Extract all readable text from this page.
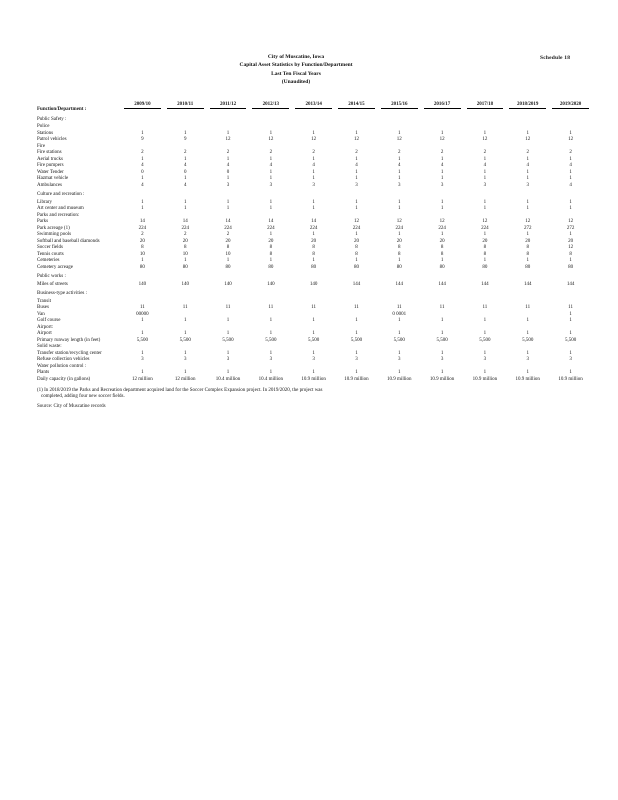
Schedule 18
City of Muscatine, Iowa
Capital Asset Statistics by Function/Department
Last Ten Fiscal Years
(Unaudited)
Function/Department :	2009/10	2010/11	2011/12	2012/13	2013/14	2014/15	2015/16	2016/17	2017/18	2018/2019	2019/2020

Public Safety :											
Police											
Stations	1	1	1	1	1	1	1	1	1	1	1
Patrol vehicles	9	9	12	12	12	12	12	12	12	12	12
Fire											
Fire stations	2	2	2	2	2	2	2	2	2	2	2
Aerial trucks	1	1	1	1	1	1	1	1	1	1	1
Fire pumpers	4	4	4	4	4	4	4	4	4	4	4
Water Tender	0	0	0	1	1	1	1	1	1	1	1
Hazmat vehicle	1	1	1	1	1	1	1	1	1	1	1
Ambulances	4	4	3	3	3	3	3	3	3	3	4
Culture and recreation :											
Library	1	1	1	1	1	1	1	1	1	1	1
Art center and museum	1	1	1	1	1	1	1	1	1	1	1
Parks and recreation:											
Parks	14	14	14	14	14	12	12	12	12	12	12
Park acreage (1)	224	224	224	224	224	224	224	224	224	272	272
Swimming pools	2	2	2	1	1	1	1	1	1	1	1
Softball and baseball diamonds	20	20	20	20	20	20	20	20	20	20	20
Soccer fields	8	8	8	8	8	8	8	8	8	8	12
Tennis courts	10	10	10	8	8	8	8	8	8	8	8
Cemeteries	1	1	1	1	1	1	1	1	1	1	1
Cemetery acreage	80	80	80	80	80	80	80	80	80	80	80
Public works :											
Miles of streets	140	140	140	140	140	144	144	144	144	144	144
Business-type activities :											
Transit											
Buses	11	11	11	11	11	11	11	11	11	11	11
Van	00000						0 0001				1
Golf course	1	1	1	1	1	1	1	1	1	1	1
Airport:											
Airport	1	1	1	1	1	1	1	1	1	1	1
Primary runway length (in feet)	5,500	5,500	5,500	5,500	5,500	5,500	5,500	5,500	5,500	5,500	5,500
Solid waste:											
Transfer station/recycling center	1	1	1	1	1	1	1	1	1	1	1
Refuse collection vehicles	3	3	3	3	3	3	3	3	3	3	3
Water pollution control :											
Plants	1	1	1	1	1	1	1	1	1	1	1
Daily capacity (in gallons)	12 million	12 million	10.4 million	10.4 million	10.9 million	10.9 million	10.9 million	10.9 million	10.9 million	10.9 million	10.9 million
(1) In 2018/2019 the Parks and Recreation department acquired land for the Soccer Complex Expansion project. In 2019/2020, the project was
completed, adding four new soccer fields.
Source: City of Muscatine records
